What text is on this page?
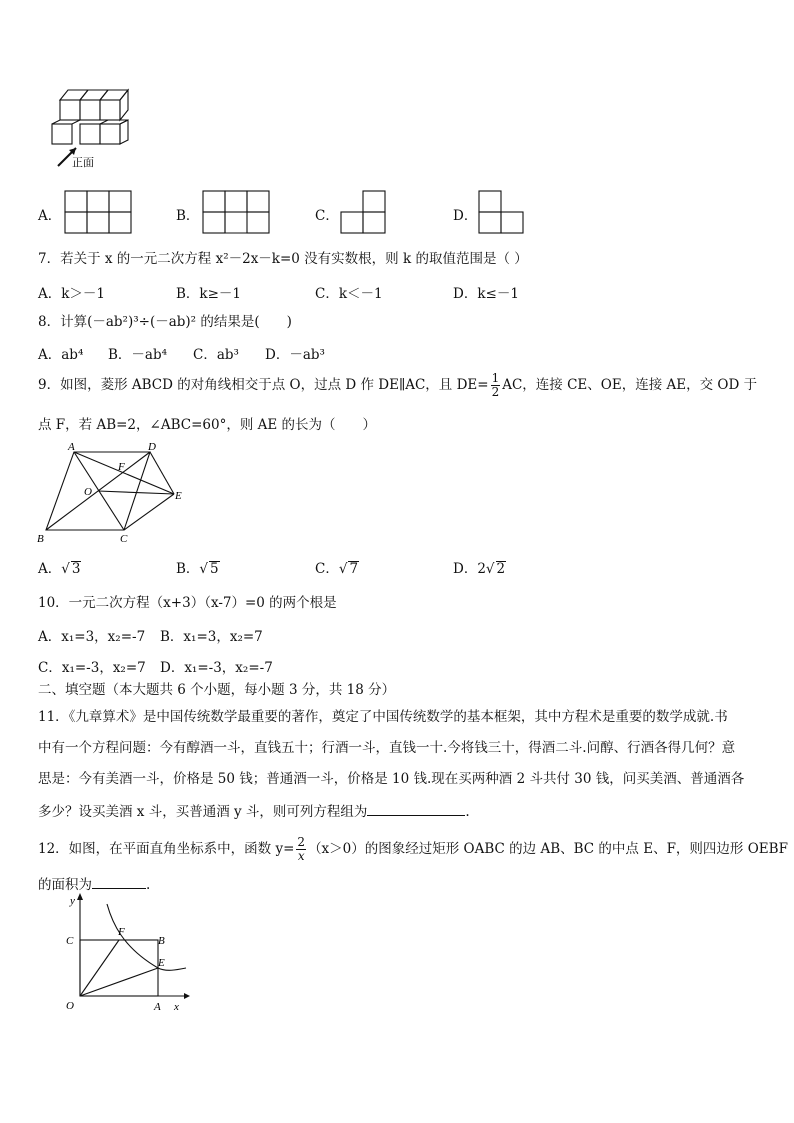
正面
A．	B．	C．	D．
7．若关于 x 的一元二次方程 x²－2x－k=0 没有实数根，则 k 的取值范围是（ ）
A．k＞－1	B．k≥－1	C．k＜－1	D．k≤－1
8．计算(－ab²)³÷(－ab)² 的结果是(　　)
A．ab⁴ B．－ab⁴ C．ab³ D．－ab³
9．如图，菱形 ABCD 的对角线相交于点 O，过点 D 作 DE∥AC，且 $DE= \frac{1}{2}$ AC，连接 CE、OE，连接 AE，交 OD 于
点 F，若 AB=2，∠ABC=60°，则 AE 的长为（　　）
A	D
F
O	E
B	C
A．√ 3	B．√ 5	C．√ 7	D．2√ 2
10．一元二次方程（x+3）（x-7）=0 的两个根是
A．x₁=3，x₂=-7 B．x₁=3，x₂=7
C．x₁=-3，x₂=7 D．x₁=-3，x₂=-7
二、填空题（本大题共 6 个小题，每小题 3 分，共 18 分）
11．《九章算术》是中国传统数学最重要的著作，奠定了中国传统数学的基本框架，其中方程术是重要的数学成就.书
中有一个方程问题：今有醇酒一斗，直钱五十；行酒一斗，直钱一十.今将钱三十，得酒二斗.问醇、行酒各得几何？意
思是：今有美酒一斗，价格是 50 钱；普通酒一斗，价格是 10 钱.现在买两种酒 2 斗共付 30 钱，问买美酒、普通酒各
多少？设买美酒 x 斗，买普通酒 y 斗，则可列方程组为	.
12．如图，在平面直角坐标系中，函数 $y= \frac{2}{x} (x>0)$的图象经过矩形 OABC 的边 AB、BC 的中点 E、F，则四边形 OEBF
的面积为	.
y
C
F
B
E
O	A x
